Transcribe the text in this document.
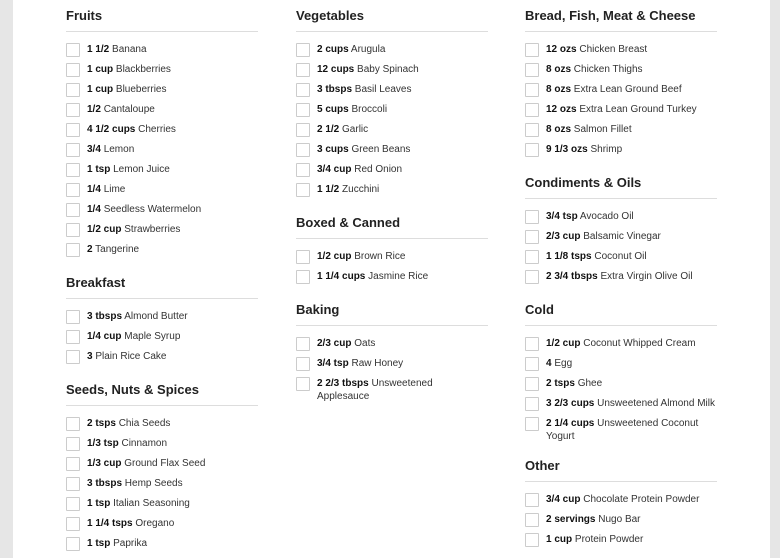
Fruits
1 1/2 Banana
1 cup Blackberries
1 cup Blueberries
1/2 Cantaloupe
4 1/2 cups Cherries
3/4 Lemon
1 tsp Lemon Juice
1/4 Lime
1/4 Seedless Watermelon
1/2 cup Strawberries
2 Tangerine
Breakfast
3 tbsps Almond Butter
1/4 cup Maple Syrup
3 Plain Rice Cake
Seeds, Nuts & Spices
2 tsps Chia Seeds
1/3 tsp Cinnamon
1/3 cup Ground Flax Seed
3 tbsps Hemp Seeds
1 tsp Italian Seasoning
1 1/4 tsps Oregano
1 tsp Paprika
Vegetables
2 cups Arugula
12 cups Baby Spinach
3 tbsps Basil Leaves
5 cups Broccoli
2 1/2 Garlic
3 cups Green Beans
3/4 cup Red Onion
1 1/2 Zucchini
Boxed & Canned
1/2 cup Brown Rice
1 1/4 cups Jasmine Rice
Baking
2/3 cup Oats
3/4 tsp Raw Honey
2 2/3 tbsps Unsweetened Applesauce
Bread, Fish, Meat & Cheese
12 ozs Chicken Breast
8 ozs Chicken Thighs
8 ozs Extra Lean Ground Beef
12 ozs Extra Lean Ground Turkey
8 ozs Salmon Fillet
9 1/3 ozs Shrimp
Condiments & Oils
3/4 tsp Avocado Oil
2/3 cup Balsamic Vinegar
1 1/8 tsps Coconut Oil
2 3/4 tbsps Extra Virgin Olive Oil
Cold
1/2 cup Coconut Whipped Cream
4 Egg
2 tsps Ghee
3 2/3 cups Unsweetened Almond Milk
2 1/4 cups Unsweetened Coconut Yogurt
Other
3/4 cup Chocolate Protein Powder
2 servings Nugo Bar
1 cup Protein Powder
